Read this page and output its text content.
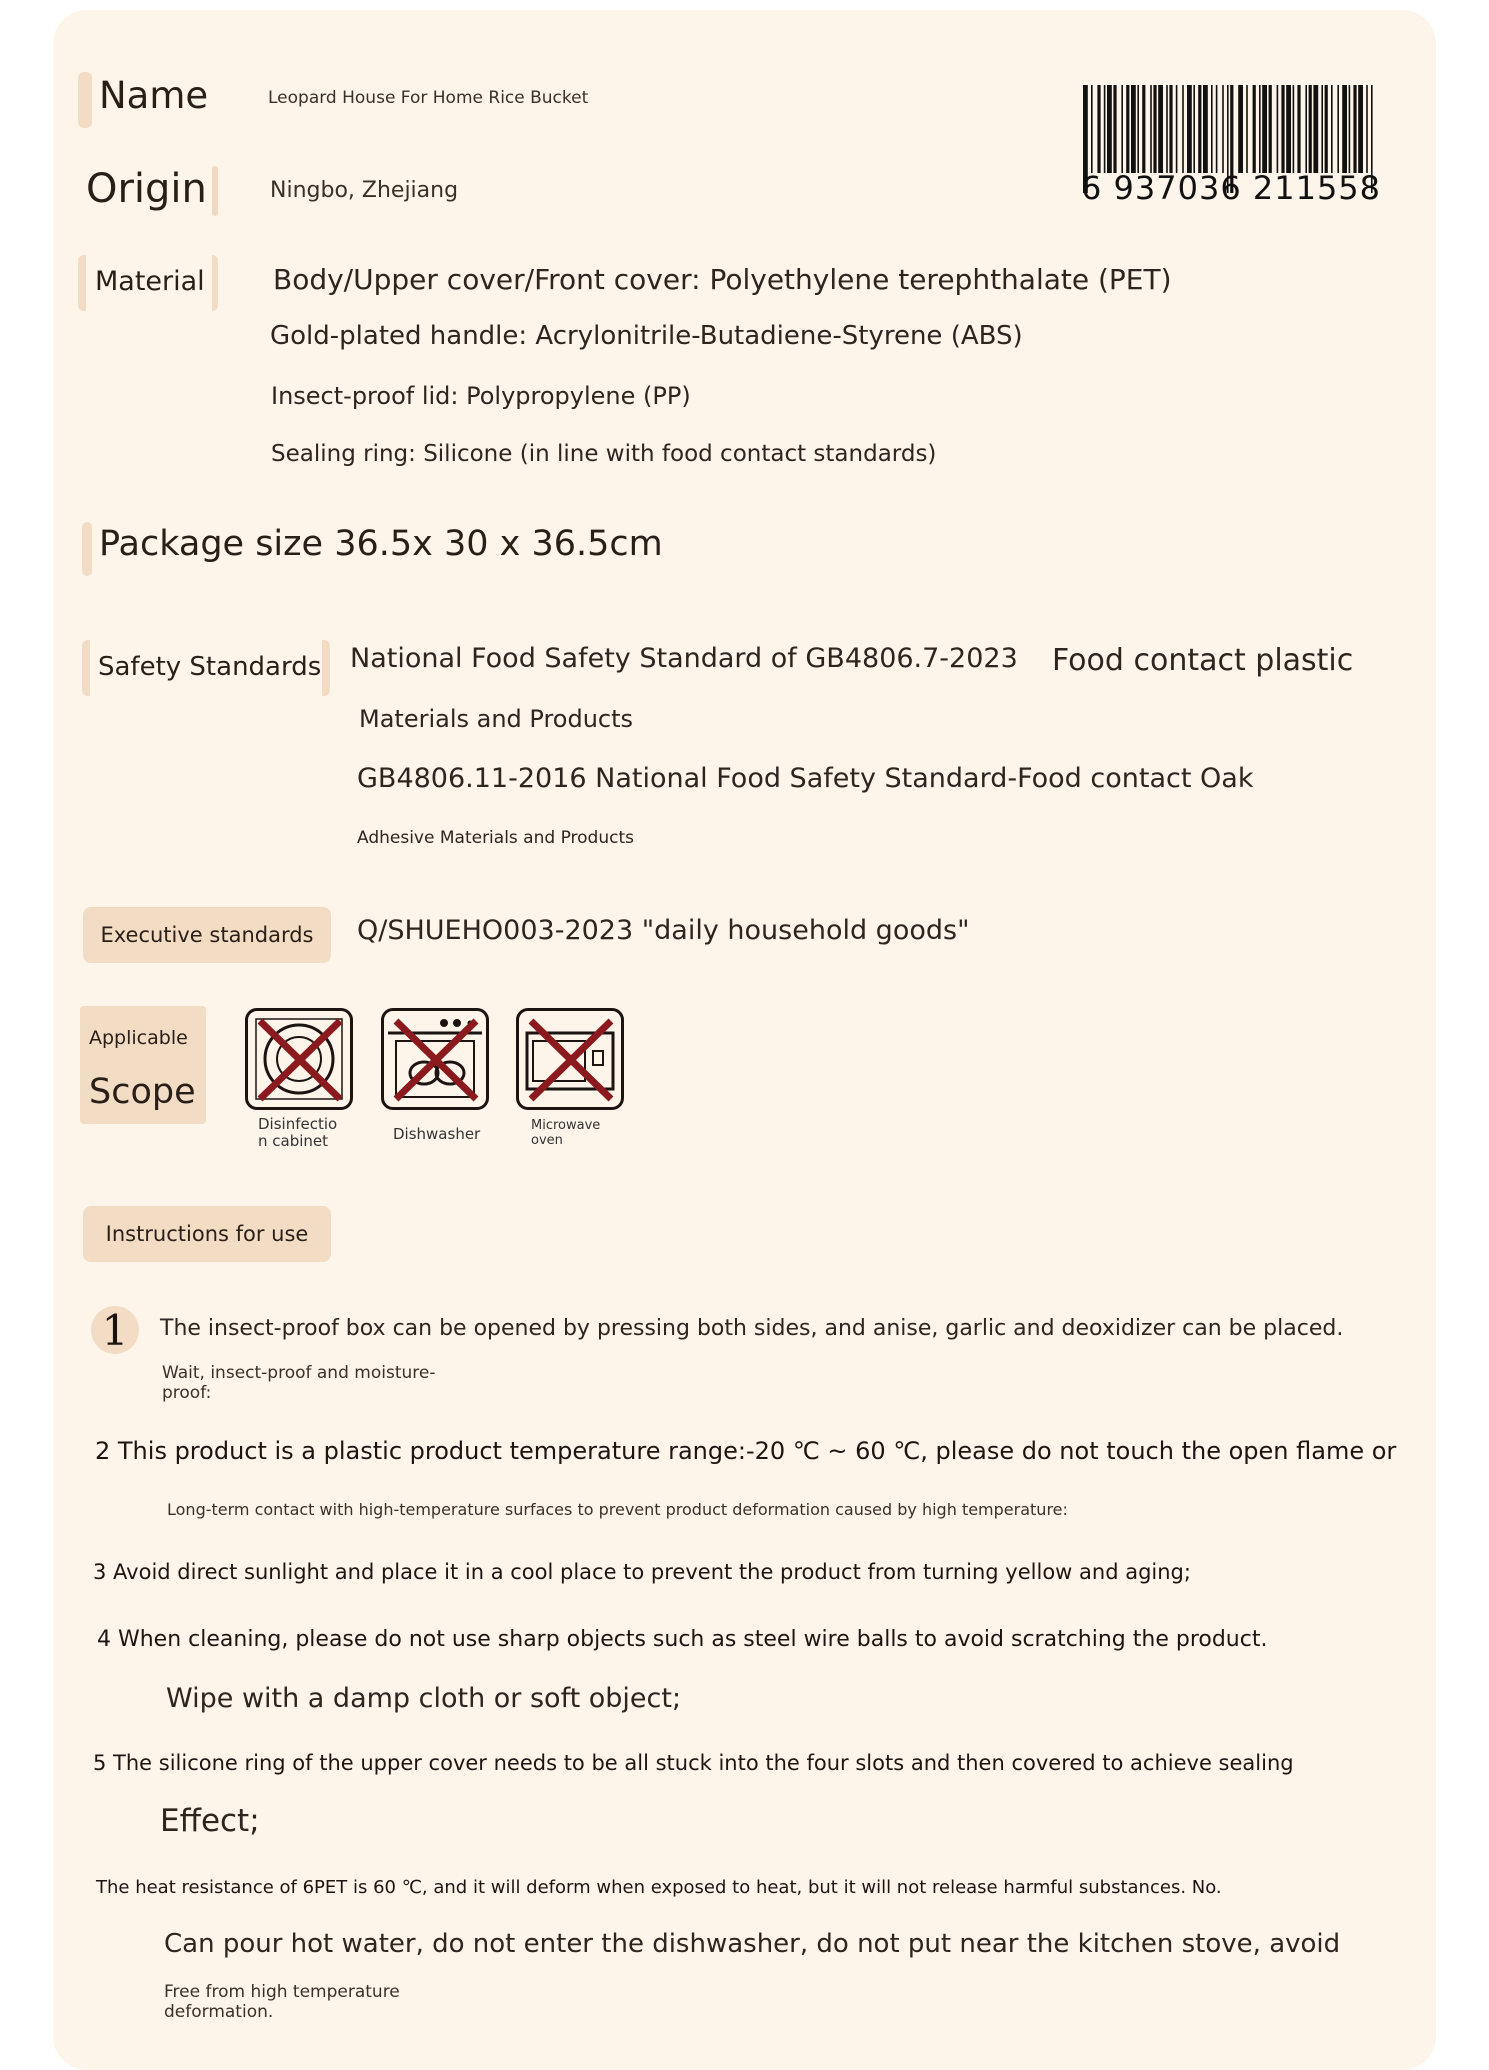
Name	Leopard House For Home Rice Bucket
Origin	Ningbo, Zhejiang	6 937036 211558
Material Body/Upper cover/Front cover: Polyethylene terephthalate (PET)
Gold-plated handle: Acrylonitrile-Butadiene-Styrene (ABS)
Insect-proof lid: Polypropylene (PP)
Sealing ring: Silicone (in line with food contact standards)
Package size 36.5x 30 x 36.5cm
Safety Standards National Food Safety Standard of GB4806.7-2023 Food contact plastic
Materials and Products
GB4806.11-2016 National Food Safety Standard-Food contact Oak
Adhesive Materials and Products
Executive standards Q/SHUEHO003-2023 "daily household goods"
Applicable
Scope
Disinfectio
n cabinet	Dishwasher	Microwave
oven
Instructions for use
1 The insect-proof box can be opened by pressing both sides, and anise, garlic and deoxidizer can be placed.
Wait, insect-proof and moisture-
proof:
2 This product is a plastic product temperature range:-20 ℃ ~ 60 ℃, please do not touch the open flame or
Long-term contact with high-temperature surfaces to prevent product deformation caused by high temperature:
3 Avoid direct sunlight and place it in a cool place to prevent the product from turning yellow and aging;
4 When cleaning, please do not use sharp objects such as steel wire balls to avoid scratching the product.
Wipe with a damp cloth or soft object;
5 The silicone ring of the upper cover needs to be all stuck into the four slots and then covered to achieve sealing
Effect;
The heat resistance of 6PET is 60 ℃, and it will deform when exposed to heat, but it will not release harmful substances. No.
Can pour hot water, do not enter the dishwasher, do not put near the kitchen stove, avoid
Free from high temperature
deformation.
